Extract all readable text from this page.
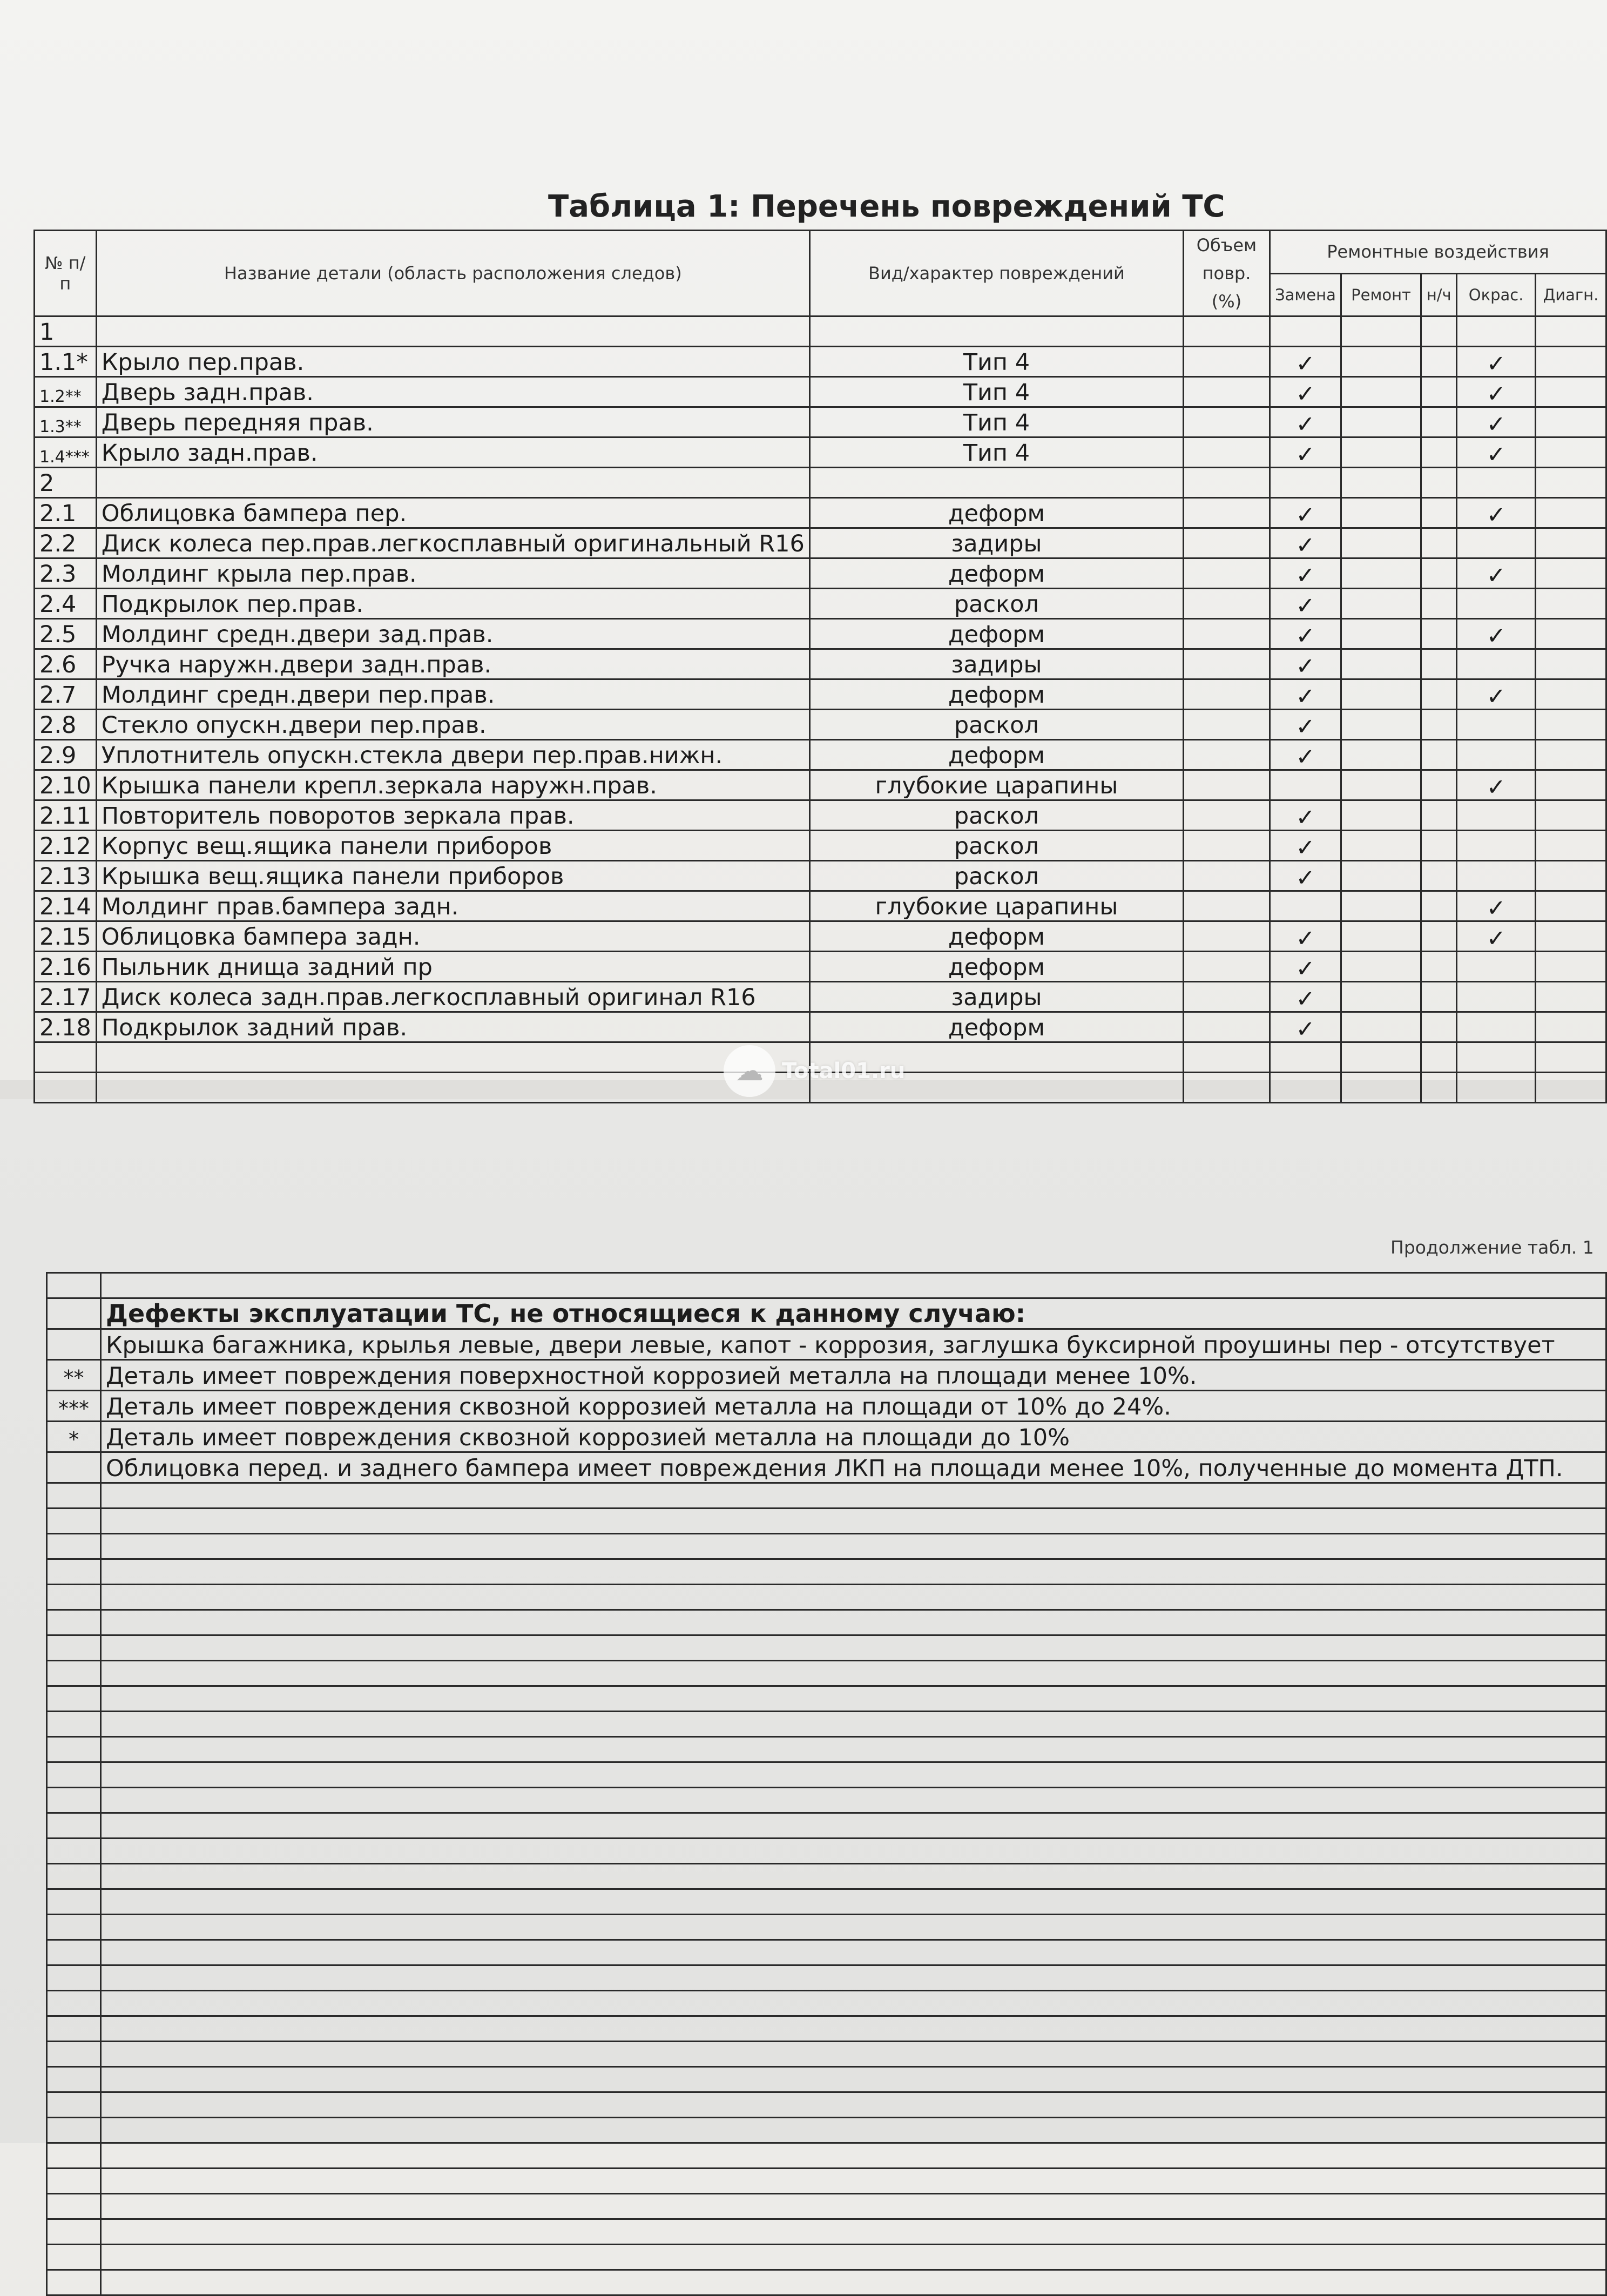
Таблица 1: Перечень повреждений ТС
№ п/п	Название детали (область расположения следов)	Вид/характер повреждений	Объем повр. (%)	Ремонтные воздействия				
				Замена	Ремонт	н/ч	Окрас.	Диагн.
1								
1.1*	Крыло пер.прав.	Тип 4		✓			✓	
1.2**	Дверь задн.прав.	Тип 4		✓			✓	
1.3**	Дверь передняя прав.	Тип 4		✓			✓	
1.4***	Крыло задн.прав.	Тип 4		✓			✓	
2								
2.1	Облицовка бампера пер.	деформ		✓			✓	
2.2	Диск колеса пер.прав.легкосплавный оригинальный R16	задиры		✓				
2.3	Молдинг крыла пер.прав.	деформ		✓			✓	
2.4	Подкрылок пер.прав.	раскол		✓				
2.5	Молдинг средн.двери зад.прав.	деформ		✓			✓	
2.6	Ручка наружн.двери задн.прав.	задиры		✓				
2.7	Молдинг средн.двери пер.прав.	деформ		✓			✓	
2.8	Стекло опускн.двери пер.прав.	раскол		✓				
2.9	Уплотнитель опускн.стекла двери пер.прав.нижн.	деформ		✓				
2.10	Крышка панели крепл.зеркала наружн.прав.	глубокие царапины					✓	
2.11	Повторитель поворотов зеркала прав.	раскол		✓				
2.12	Корпус вещ.ящика панели приборов	раскол		✓				
2.13	Крышка вещ.ящика панели приборов	раскол		✓				
2.14	Молдинг прав.бампера задн.	глубокие царапины					✓	
2.15	Облицовка бампера задн.	деформ		✓			✓	
2.16	Пыльник днища задний пр	деформ		✓				
2.17	Диск колеса задн.прав.легкосплавный оригинал R16	задиры		✓				
2.18	Подкрылок задний прав.	деформ		✓				

☁ Total01.ru
Продолжение табл. 1

	Дефекты эксплуатации ТС, не относящиеся к данному случаю:
	Крышка багажника, крылья левые, двери левые, капот - коррозия, заглушка буксирной проушины пер - отсутствует
**	Деталь имеет повреждения поверхностной коррозией металла на площади менее 10%.
***	Деталь имеет повреждения сквозной коррозией металла на площади от 10% до 24%.
*	Деталь имеет повреждения сквозной коррозией металла на площади до 10%
	Облицовка перед. и заднего бампера имеет повреждения ЛКП на площади менее 10%, полученные до момента ДТП.
